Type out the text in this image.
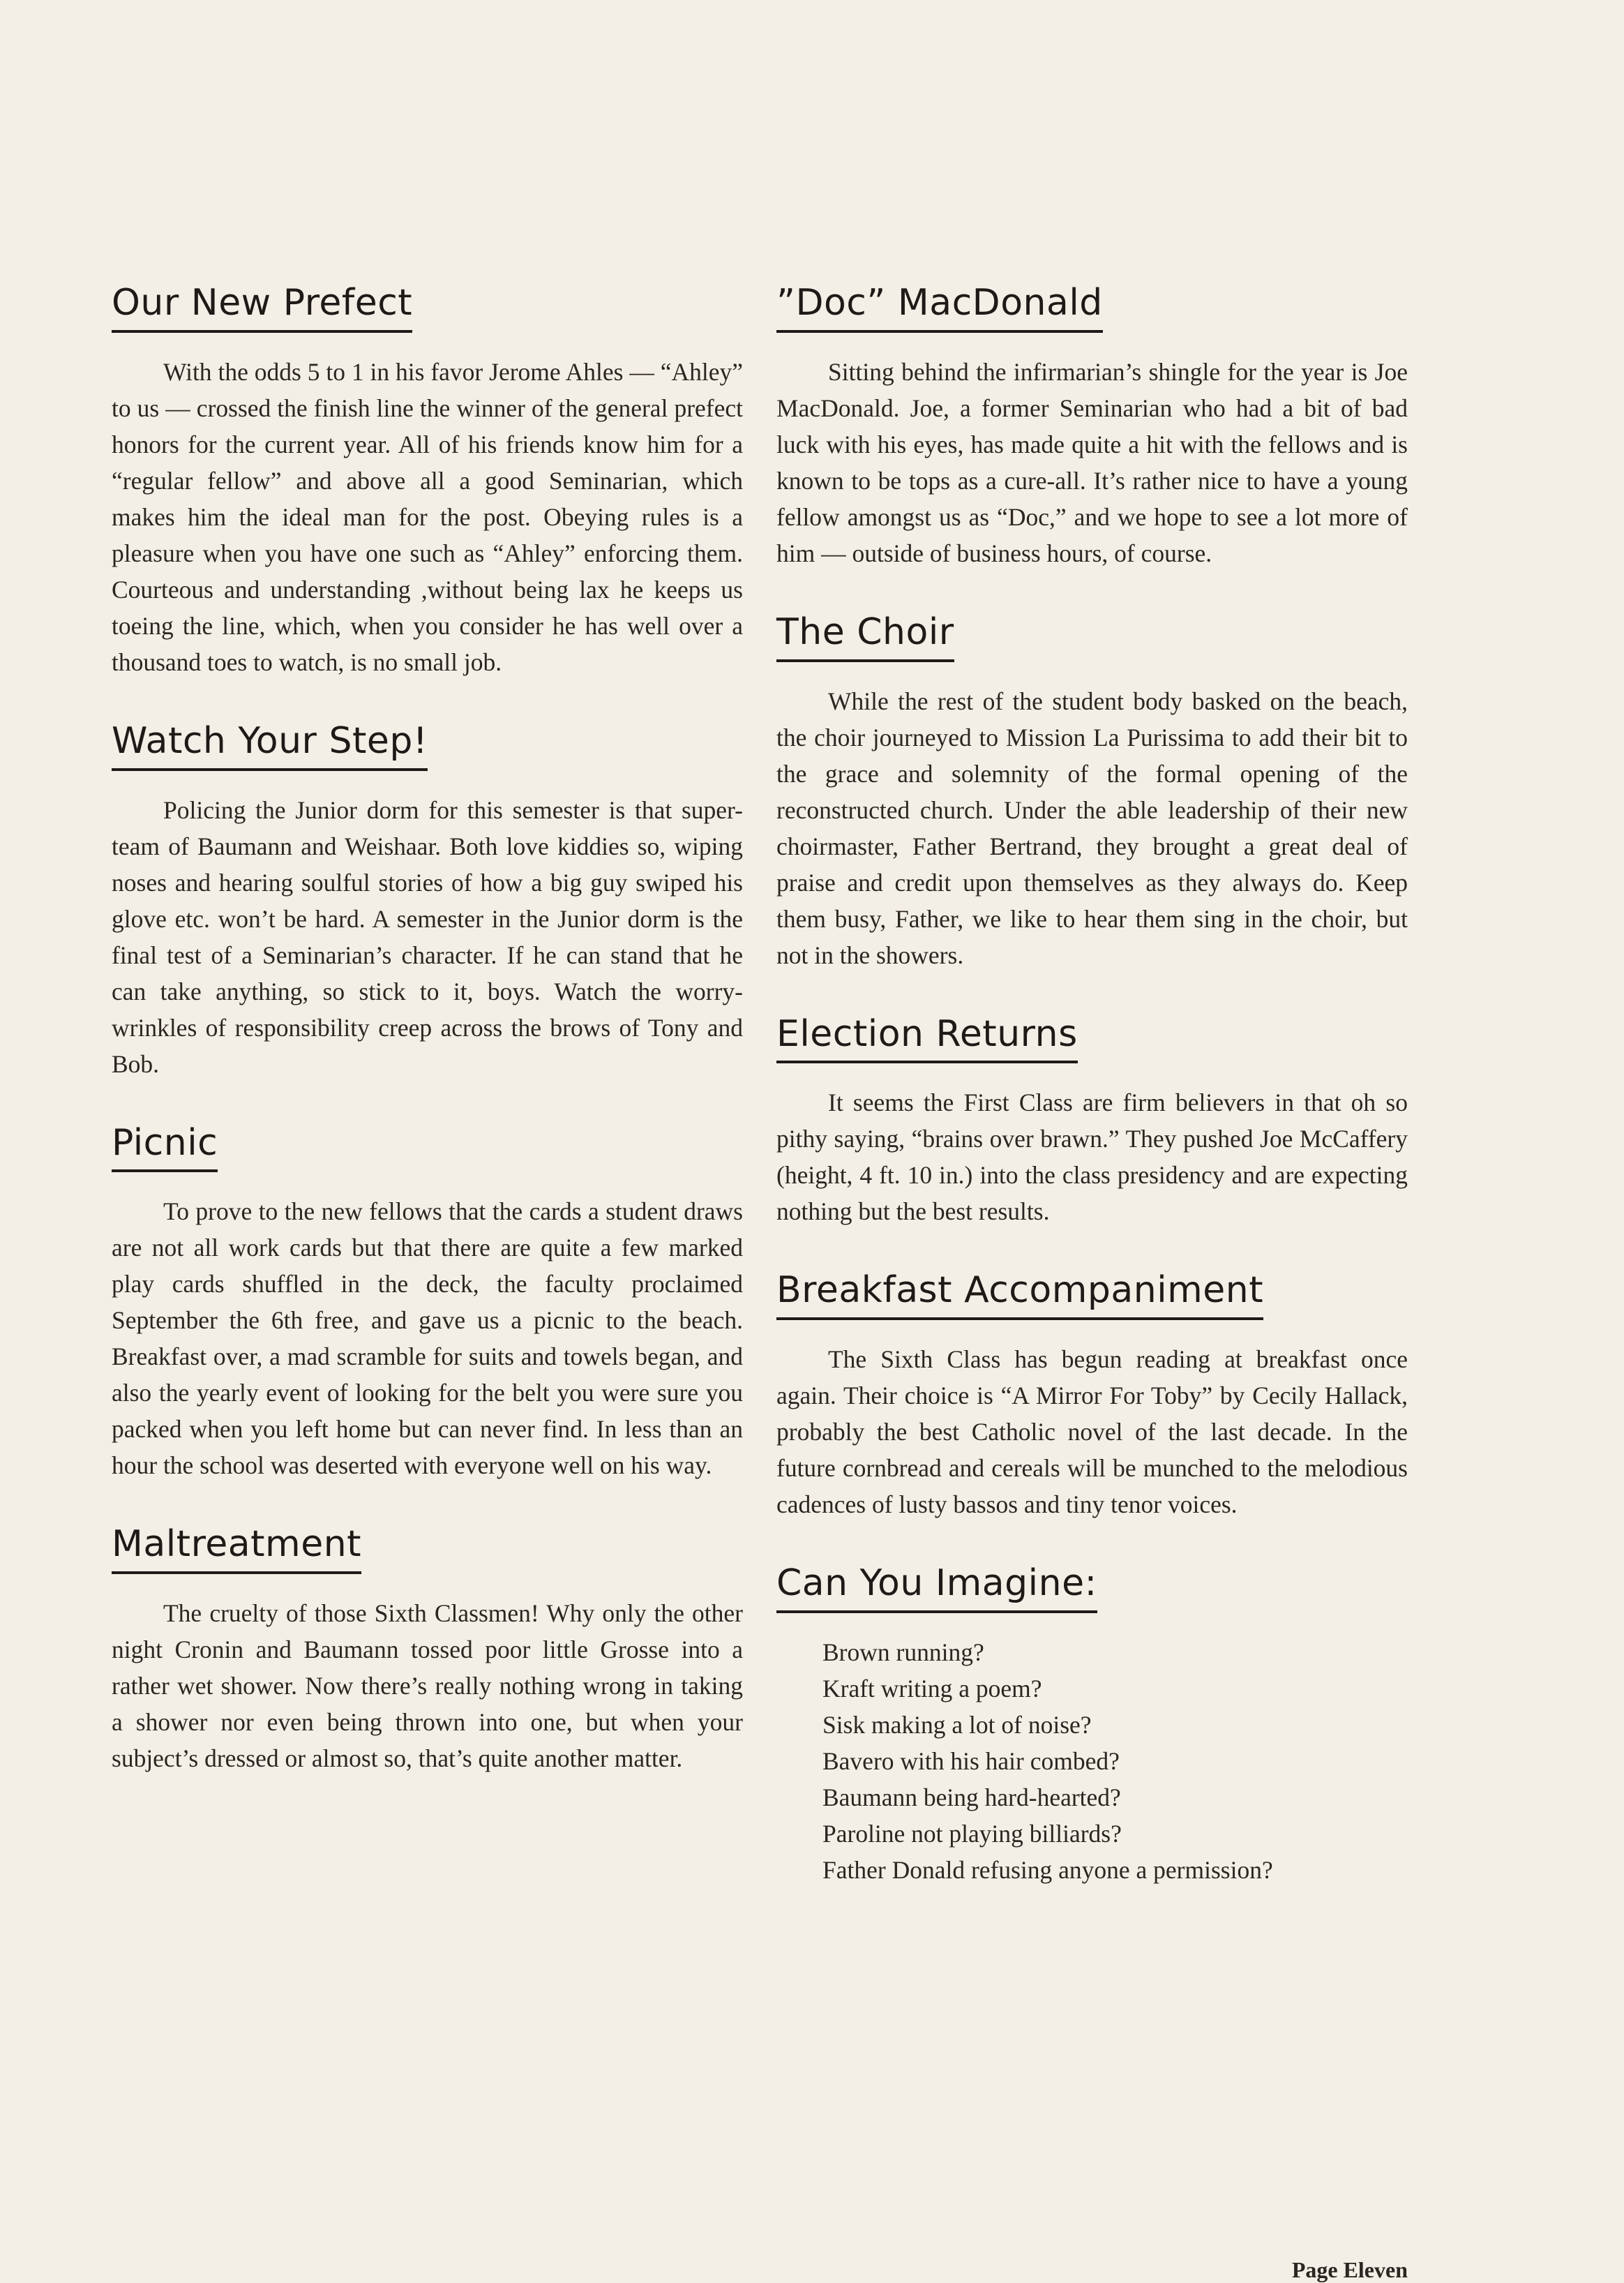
Our New Prefect

With the odds 5 to 1 in his favor Jerome Ahles — “Ahley” to us — crossed the finish line the winner of the general prefect honors for the current year. All of his friends know him for a “regular fellow” and above all a good Seminarian, which makes him the ideal man for the post. Obeying rules is a pleasure when you have one such as “Ahley” enforcing them. Courteous and understanding ,without being lax he keeps us toeing the line, which, when you consider he has well over a thousand toes to watch, is no small job.

Watch Your Step!

Policing the Junior dorm for this semester is that super-team of Baumann and Weishaar. Both love kiddies so, wiping noses and hearing soulful stories of how a big guy swiped his glove etc. won’t be hard. A semester in the Junior dorm is the final test of a Seminarian’s character. If he can stand that he can take anything, so stick to it, boys. Watch the worry-wrinkles of responsibility creep across the brows of Tony and Bob.

Picnic

To prove to the new fellows that the cards a student draws are not all work cards but that there are quite a few marked play cards shuffled in the deck, the faculty proclaimed September the 6th free, and gave us a picnic to the beach. Breakfast over, a mad scramble for suits and towels began, and also the yearly event of looking for the belt you were sure you packed when you left home but can never find. In less than an hour the school was deserted with everyone well on his way.

Maltreatment

The cruelty of those Sixth Classmen! Why only the other night Cronin and Baumann tossed poor little Grosse into a rather wet shower. Now there’s really nothing wrong in taking a shower nor even being thrown into one, but when your subject’s dressed or almost so, that’s quite another matter.

”Doc” MacDonald

Sitting behind the infirmarian’s shingle for the year is Joe MacDonald. Joe, a former Seminarian who had a bit of bad luck with his eyes, has made quite a hit with the fellows and is known to be tops as a cure-all. It’s rather nice to have a young fellow amongst us as “Doc,” and we hope to see a lot more of him — outside of business hours, of course.

The Choir

While the rest of the student body basked on the beach, the choir journeyed to Mission La Purissima to add their bit to the grace and solemnity of the formal opening of the reconstructed church. Under the able leadership of their new choirmaster, Father Bertrand, they brought a great deal of praise and credit upon themselves as they always do. Keep them busy, Father, we like to hear them sing in the choir, but not in the showers.

Election Returns

It seems the First Class are firm believers in that oh so pithy saying, “brains over brawn.” They pushed Joe McCaffery (height, 4 ft. 10 in.) into the class presidency and are expecting nothing but the best results.

Breakfast Accompaniment

The Sixth Class has begun reading at breakfast once again. Their choice is “A Mirror For Toby” by Cecily Hallack, probably the best Catholic novel of the last decade. In the future cornbread and cereals will be munched to the melodious cadences of lusty bassos and tiny tenor voices.

Can You Imagine:
Brown running?
Kraft writing a poem?
Sisk making a lot of noise?
Bavero with his hair combed?
Baumann being hard-hearted?
Paroline not playing billiards?
Father Donald refusing anyone a permission?
Page Eleven
